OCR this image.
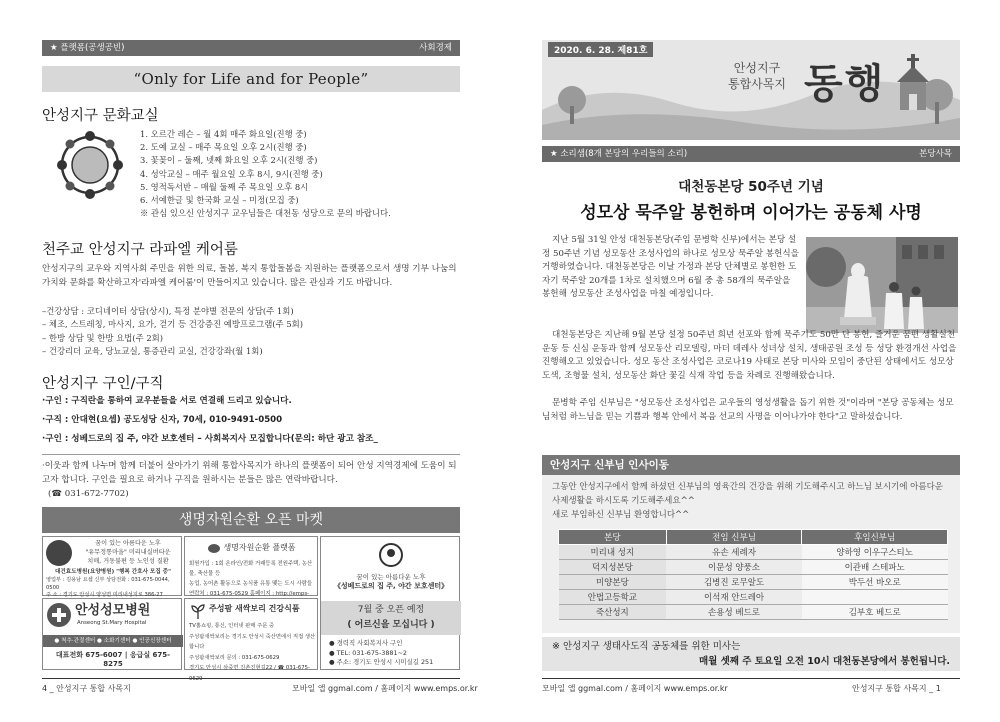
★ 플랫폼(공생공빈)	사회경제
“Only for Life and for People”
안성지구 문화교실
1. 오르간 레슨 – 월 4회 매주 화요일(진행 중)
2. 도예 교실 – 매주 목요일 오후 2시(진행 중)
3. 꽃꽂이 – 둘째, 넷째 화요일 오후 2시(진행 중)
4. 성악교실 – 매주 월요일 오후 8시, 9시(진행 중)
5. 영적독서반 – 매월 둘째 주 목요일 오후 8시
6. 서예한글 및 한국화 교실 – 미정(모집 중)
※ 관심 있으신 안성지구 교우님들은 대천동 성당으로 문의 바랍니다.
천주교 안성지구 라파엘 케어룸
안성지구의 교우와 지역사회 주민을 위한 의료, 돌봄, 복지 통합돌봄을 지원하는 플랫폼으로서 생명 기부 나눔의 가치와 문화를 확산하고자'라파엘 케어룸'이 만들어지고 있습니다. 많은 관심과 기도 바랍니다.
–건강상담 : 코디네이터 상담(상시), 특정 분야별 전문의 상담(주 1회)
– 체조, 스트레칭, 마사지, 요가, 걷기 등 건강증진 예방프로그램(주 5회)
– 한방 상담 및 한방 요법(주 2회)
– 건강리더 교육, 당뇨교실, 통증관리 교실, 건강강좌(월 1회)
안성지구 구인/구직
·구인 : 구직란을 통하여 교우분들을 서로 연결해 드리고 있습니다.
·구직 : 안대현(요셉) 공도성당 신자, 70세, 010-9491-0500
·구인 : 성베드로의 집 주, 야간 보호센터 – 사회복지사 모집합니다(문의: 하단 광고 참조_
·이웃과 함께 나누며 함께 더불어 살아가기 위해 통합사목지가 하나의 플랫폼이 되어 안성 지역경제에 도움이 되고자 합니다. 구인을 필요로 하거나 구직을 원하시는 분들은 많은 연락바랍니다.
(☎ 031-672-7702)
생명자원순환 오픈 마켓
꿈이 있는 아름다운 노후
"유무정통마을" 미리내실버타운
치매, 거동불편 등 노인성 질환
대건효도병원(요양병원) "행복 간호사 모집 중"
영업부 : 김용남 요셉 신부 상담전화 : 031-675-0044, 0500
주 소 : 경기도 안성시 양성면 미리내성지로 386-27
생명자원순환 플랫폼
회원가입 : 1회 온라인/전화 거래등록 전원주택, 농산물, 축산물 등
농업, 농어촌 활동으로 농식품 유통 맺는 도시 사람들
연락처 : 031-675-0529 홈페이지 : http://emps-
꿈이 있는 아름다운 노후
《성베드로의 집 주, 야간 보호센터》
7월 중 오픈 예정
( 어르신을 모십니다 )
● 경력직 사회복지사 구인
● TEL: 031-675-3881~2
● 주소: 경기도 안성시 시미실길 251
안성성모병원
Anseong St.Mary Hospital
● 척추·관절센터 ● 소화기센터 ● 인공신장센터
대표전화 675-6007 | 응급실 675-8275
주성팜 새싹보리 건강식품
TV홈쇼핑, 통신, 인터넷 판매 주문 중
주성팜새싹보리는 경기도 안성시 죽산면에서 직접 생산합니다
주성팜새싹보리 문의 : 031-675-0629
경기도 안성시 삼죽면 진촌진현길22 / ☎ 031-675-0629
4 _ 안성지구 통합 사목지	모바일 앱 ggmal.com / 홈페이지 www.emps.or.kr
2020. 6. 28. 제81호
안성지구
통합사목지 동행
★ 소리샘(8개 본당의 우리들의 소리)	본당사목
대천동본당 50주년 기념
성모상 묵주알 봉헌하며 이어가는 공동체 사명
지난 5월 31일 안성 대천동본당(주임 문병학 신부)에서는 본당 설정 50주년 기념 성모동산 조성사업의 하나로 성모상 묵주알 봉헌식을 거행하였습니다. 대천동본당은 이날 가정과 본당 단체별로 봉헌한 도자기 묵주알 20개를 1차로 설치했으며 6월 중 총 58개의 묵주알을 봉헌해 성모동산 조성사업을 마칠 예정입니다.
대천동본당은 지난해 9월 본당 설정 50주년 희년 선포와 함께 묵주기도 50만 단 봉헌, 즐거운 꿈편 생활실천 운동 등 신심 운동과 함께 성모동산 리모델링, 마더 데레사 성녀상 설치, 생태공원 조성 등 성당 환경개선 사업을 진행해오고 있었습니다. 성모 동산 조성사업은 코로나19 사태로 본당 미사와 모임이 중단된 상태에서도 성모상 도색, 조형물 설치, 성모동산 화단 꽃길 식재 작업 등을 차례로 진행해왔습니다.
문병학 주임 신부님은 "성모동산 조성사업은 교우들의 영성생활을 돕기 위한 것"이라며 "본당 공동체는 성모님처럼 하느님을 믿는 기쁨과 행복 안에서 복음 선교의 사명을 이어나가야 한다"고 말하셨습니다.
안성지구 신부님 인사이동
그동안 안성지구에서 함께 하셨던 신부님의 영육간의 건강을 위해 기도해주시고 하느님 보시기에 아름다운 사제생활을 하시도록 기도해주세요^^
새로 부임하신 신부님 환영합니다^^
본당	전임 신부님	후임신부님
미리내 성지	유손 세례자	양하영 이우구스티노
덕지성본당	이문성 양풍소	이관배 스테파노
미양본당	김병진 로무알도	박두선 바오로
안법고등학교	이석재 안드레아	
죽산성지	손용성 베드로	김부호 베드로
※ 안성지구 생태사도직 공동체를 위한 미사는
매월 셋째 주 토요일 오전 10시 대천동본당에서 봉헌됩니다.
모바일 앱 ggmal.com / 홈페이지 www.emps.or.kr	안성지구 통합 사목지 _ 1
